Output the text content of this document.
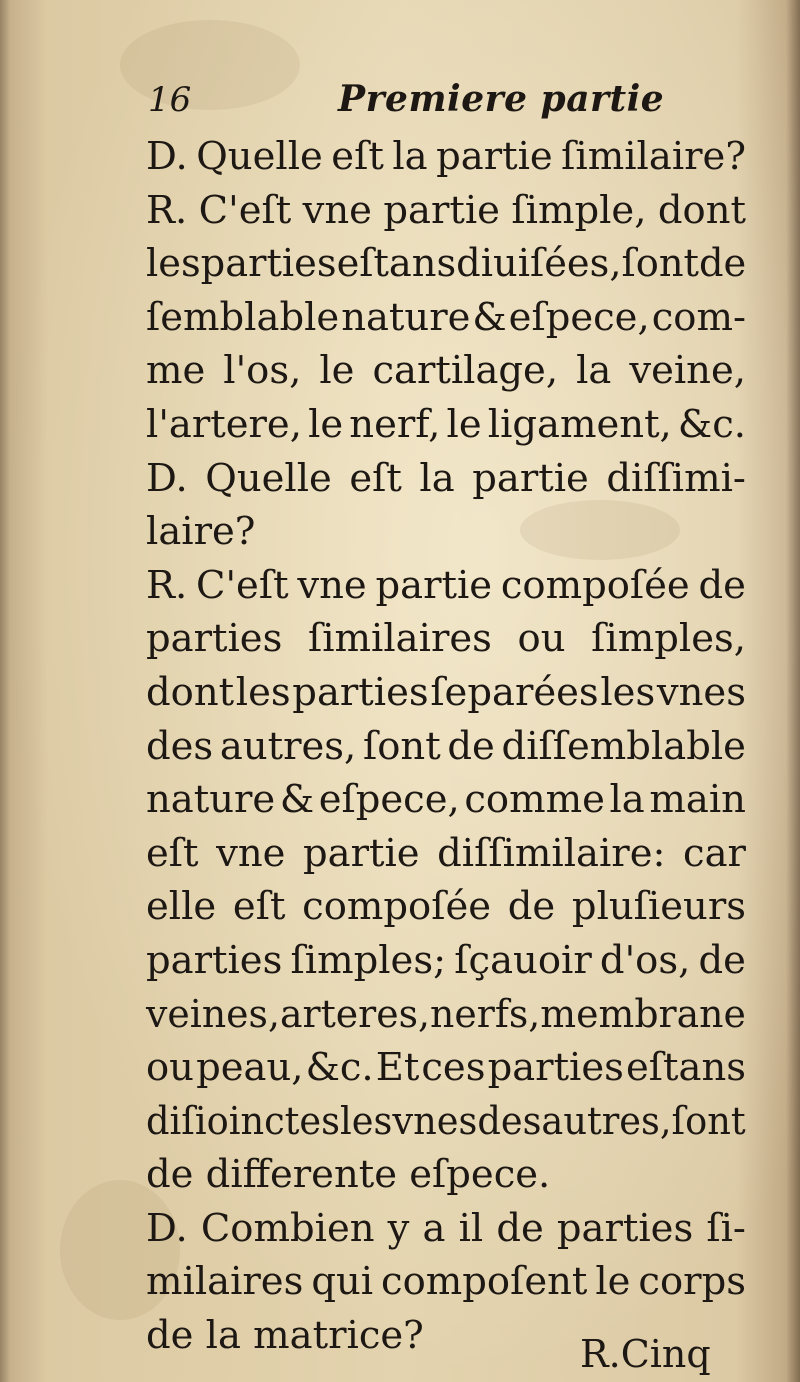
16	Premiere partie
D. Quelle eſt la partie ſimilaire?
R. C'eſt vne partie ſimple, dont
lespartieseſtansdiuiſées,ſontde
ſemblable nature & eſpece, com-
me l'os, le cartilage, la veine,
l'artere, le nerf, le ligament, &c.
D. Quelle eſt la partie diſſimi-
laire?
R. C'eſt vne partie compoſée de
parties ſimilaires ou ſimples,
dont les parties ſeparées les vnes
des autres, ſont de diſſemblable
nature & eſpece, comme la main
eſt vne partie diſſimilaire: car
elle eſt compoſée de pluſieurs
parties ſimples; ſçauoir d'os, de
veines,arteres,nerfs,membrane
ou peau, &c. Et ces parties eſtans
diſioincteslesvnesdesautres,ſont
de differente eſpece.
D. Combien y a il de parties ſi-
milaires qui compoſent le corps
de la matrice?	R.Cinq
